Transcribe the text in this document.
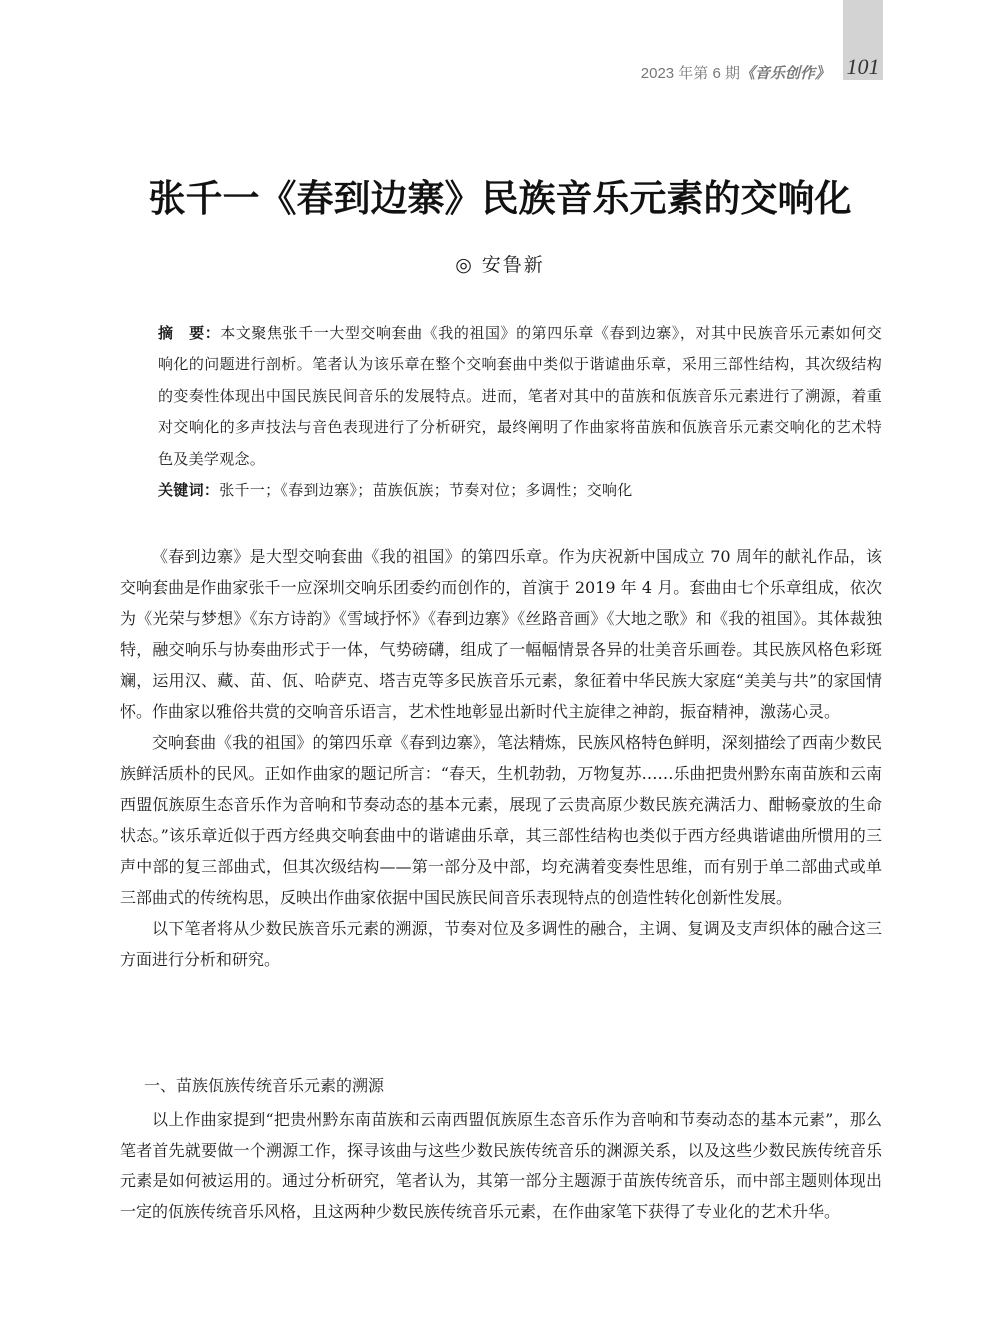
101
2023 年第 6 期《音乐创作》
张千一《春到边寨》民族音乐元素的交响化
◎ 安鲁新

摘　要：本文聚焦张千一大型交响套曲《我的祖国》的第四乐章《春到边寨》，对其中民族音乐元素如何交响化的问题进行剖析。笔者认为该乐章在整个交响套曲中类似于谐谑曲乐章，采用三部性结构，其次级结构的变奏性体现出中国民族民间音乐的发展特点。进而，笔者对其中的苗族和佤族音乐元素进行了溯源，着重对交响化的多声技法与音色表现进行了分析研究，最终阐明了作曲家将苗族和佤族音乐元素交响化的艺术特色及美学观念。

关键词：张千一；《春到边寨》；苗族佤族；节奏对位；多调性；交响化

《春到边寨》是大型交响套曲《我的祖国》的第四乐章。作为庆祝新中国成立 70 周年的献礼作品，该交响套曲是作曲家张千一应深圳交响乐团委约而创作的，首演于 2019 年 4 月。套曲由七个乐章组成，依次为《光荣与梦想》《东方诗韵》《雪域抒怀》《春到边寨》《丝路音画》《大地之歌》和《我的祖国》。其体裁独特，融交响乐与协奏曲形式于一体，气势磅礴，组成了一幅幅情景各异的壮美音乐画卷。其民族风格色彩斑斓，运用汉、藏、苗、佤、哈萨克、塔吉克等多民族音乐元素，象征着中华民族大家庭“美美与共”的家国情怀。作曲家以雅俗共赏的交响音乐语言，艺术性地彰显出新时代主旋律之神韵，振奋精神，激荡心灵。

交响套曲《我的祖国》的第四乐章《春到边寨》，笔法精炼，民族风格特色鲜明，深刻描绘了西南少数民族鲜活质朴的民风。正如作曲家的题记所言：“春天，生机勃勃，万物复苏……乐曲把贵州黔东南苗族和云南西盟佤族原生态音乐作为音响和节奏动态的基本元素，展现了云贵高原少数民族充满活力、酣畅豪放的生命状态。”该乐章近似于西方经典交响套曲中的谐谑曲乐章，其三部性结构也类似于西方经典谐谑曲所惯用的三声中部的复三部曲式，但其次级结构——第一部分及中部，均充满着变奏性思维，而有别于单二部曲式或单三部曲式的传统构思，反映出作曲家依据中国民族民间音乐表现特点的创造性转化创新性发展。

以下笔者将从少数民族音乐元素的溯源，节奏对位及多调性的融合，主调、复调及支声织体的融合这三方面进行分析和研究。

一、苗族佤族传统音乐元素的溯源

以上作曲家提到“把贵州黔东南苗族和云南西盟佤族原生态音乐作为音响和节奏动态的基本元素”，那么笔者首先就要做一个溯源工作，探寻该曲与这些少数民族传统音乐的渊源关系，以及这些少数民族传统音乐元素是如何被运用的。通过分析研究，笔者认为，其第一部分主题源于苗族传统音乐，而中部主题则体现出一定的佤族传统音乐风格，且这两种少数民族传统音乐元素，在作曲家笔下获得了专业化的艺术升华。
